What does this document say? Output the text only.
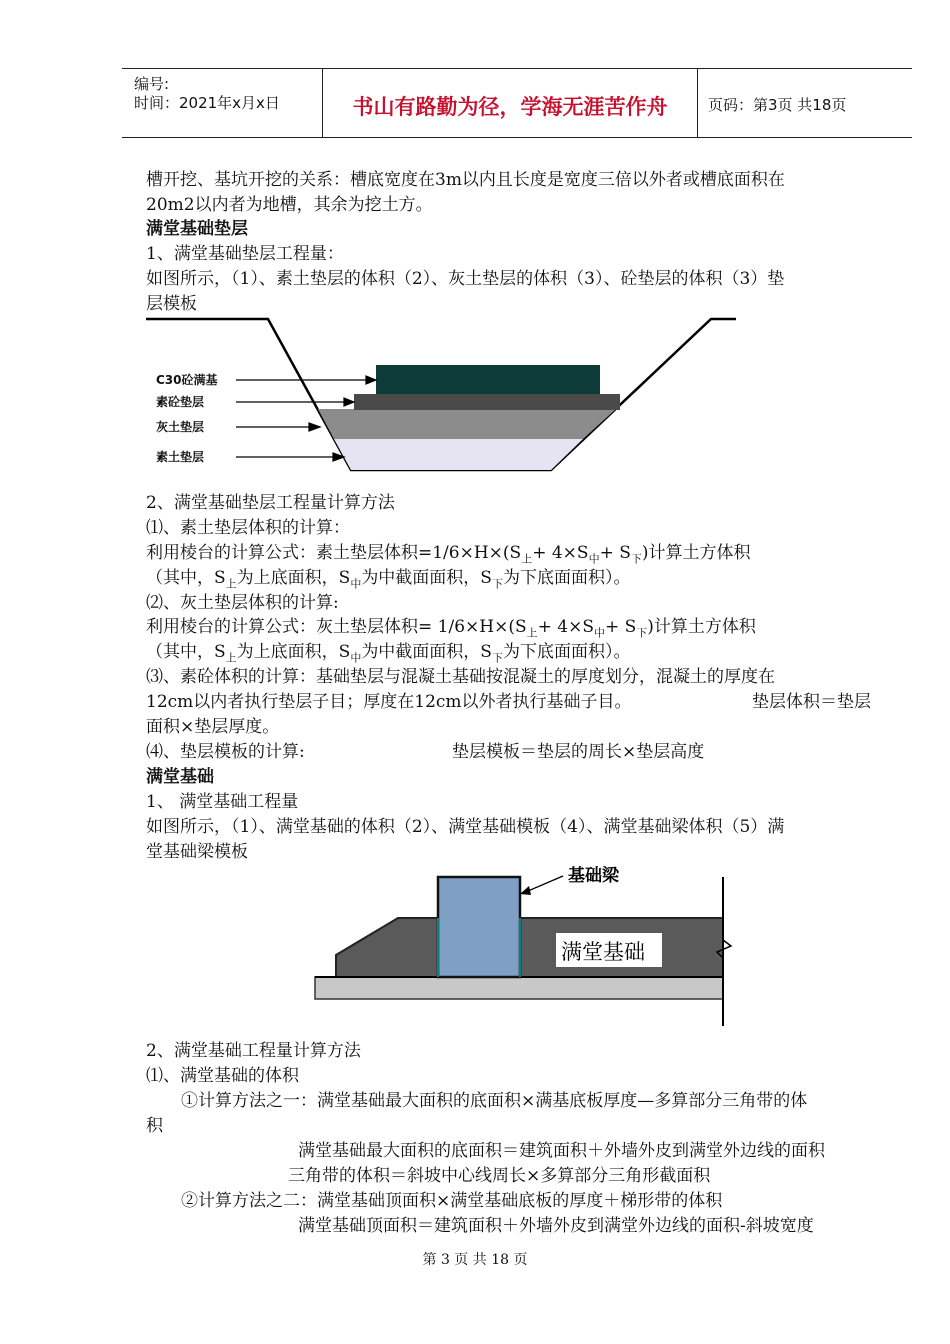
编号:
时间：2021年x月x日	书山有路勤为径，学海无涯苦作舟	页码：第3页 共18页
槽开挖、基坑开挖的关系：槽底宽度在3m以内且长度是宽度三倍以外者或槽底面积在
20m2以内者为地槽，其余为挖土方。
满堂基础垫层
1、满堂基础垫层工程量：
如图所示，（1）、素土垫层的体积（2）、灰土垫层的体积（3）、砼垫层的体积（3）垫
层模板
C30砼满基
素砼垫层
灰土垫层
素土垫层
2、满堂基础垫层工程量计算方法
⑴、素土垫层体积的计算：
利用棱台的计算公式：素土垫层体积$=1/6\times H\times(S_上+ 4\times S_中+ S_下)$计算土方体积
（其中，$S_上$为上底面积，$S_中$为中截面面积，$S_下$为下底面面积）。
⑵、灰土垫层体积的计算:
利用棱台的计算公式：灰土垫层体积= $1/6\times H\times(S_上+ 4\times S_中+ S_下)$计算土方体积
（其中，$S_上$为上底面积，$S_中$为中截面面积，$S_下$为下底面面积）。
⑶、素砼体积的计算：基础垫层与混凝土基础按混凝土的厚度划分，混凝土的厚度在
12cm以内者执行垫层子目；厚度在12cm以外者执行基础子目。	垫层体积＝垫层
面积×垫层厚度。
⑷、垫层模板的计算:	垫层模板＝垫层的周长×垫层高度
满堂基础
1、 满堂基础工程量
如图所示，（1）、满堂基础的体积（2）、满堂基础模板（4）、满堂基础梁体积（5）满
堂基础梁模板
基础梁
满堂基础
2、满堂基础工程量计算方法
⑴、满堂基础的体积
①计算方法之一：满堂基础最大面积的底面积×满基底板厚度—多算部分三角带的体
积
满堂基础最大面积的底面积＝建筑面积＋外墙外皮到满堂外边线的面积
三角带的体积＝斜坡中心线周长×多算部分三角形截面积
②计算方法之二：满堂基础顶面积×满堂基础底板的厚度＋梯形带的体积
满堂基础顶面积＝建筑面积＋外墙外皮到满堂外边线的面积-斜坡宽度
第 3 页 共 18 页
